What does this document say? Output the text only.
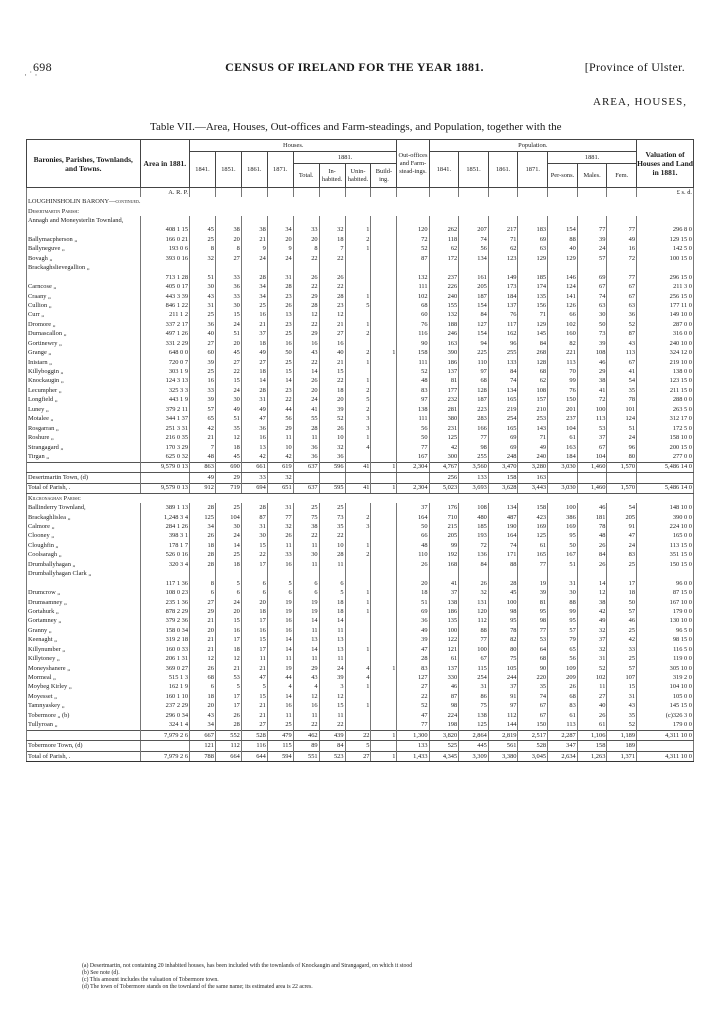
698	CENSUS OF IRELAND FOR THE YEAR 1881.	[Province of Ulster.
· ˙ ·
AREA, HOUSES,
Table VII.—Area, Houses, Out-offices and Farm-steadings, and Population, together with the
Baronies, Parishes, Townlands, and Towns.	Area in 1881.	Houses.								Out-offices and Farm-stead-ings.	Population.							Valuation of Houses and Land in 1881.
		1841.	1851.	1861.	1871.	1881.					1841.	1851.	1861.	1871.	1881.			
						Total.	In-habited.	Unin-habited.	Build-ing.						Per-sons.	Males.	Fem.	
	A. R. P.																	£ s. d.
LOUGHINSHOLIN BARONY—continued.																		
Desertmartin Parish:																		
Annagh and Moneysterlin Townland,																		
	408 1 15	45	38	38	34	33	32	1		120	262	207	217	183	154	77	77	296 8 0
Ballymacpherson „	166 0 21	25	20	21	20	20	18	2		72	118	74	71	69	88	39	49	129 15 0
Ballyneguve „	193 0 6	8	8	9	9	8	7	1		52	62	56	62	63	40	24	16	142 5 0
Bovagh „	393 0 16	32	27	24	24	22	22			87	172	134	123	129	129	57	72	100 15 0
Brackaghslievegallion „																		
	713 1 28	51	33	28	31	26	26			132	237	161	149	185	146	69	77	296 15 0
Carncose „	405 0 17	30	36	34	28	22	22			111	226	205	173	174	124	67	67	211 3 0
Craany „	443 3 39	43	33	34	23	29	28	1		102	240	187	184	135	141	74	67	256 15 0
Cullion „	846 1 22	31	30	25	26	28	23	5		68	155	154	137	156	126	63	63	177 11 0
Curr „	211 1 2	25	15	16	13	12	12			60	132	84	76	71	66	30	36	149 10 0
Dromore „	337 2 17	36	24	21	23	22	21	1		76	188	127	117	129	102	50	52	287 0 0
Durnascallon „	497 1 26	40	51	37	25	29	27	2		116	246	154	162	145	160	73	87	316 0 0
Gortinewry „	331 2 29	27	20	18	16	16	16			90	163	94	96	84	82	39	43	240 10 0
Grange „	648 0 0	60	45	49	50	43	40	2	1	158	390	225	255	268	221	108	113	324 12 0
Inistarn „	720 0 7	39	27	27	25	22	21	1		111	186	110	133	128	113	46	67	219 10 0
Killyboggin „	303 1 9	25	22	18	15	14	15			52	137	97	84	68	70	29	41	138 0 0
Knockaugin „	124 3 13	16	15	14	14	26	22	1		48	81	68	74	62	99	38	54	123 15 0
Lecumpher „	325 3 3	33	24	28	23	20	18	2		83	177	128	134	108	76	41	35	211 15 0
Longfield „	443 1 9	39	30	31	22	24	20	5		97	232	187	165	157	150	72	78	288 0 0
Luney „	379 2 11	57	49	49	44	41	39	2		138	281	223	219	210	201	100	101	263 5 0
Motalee „	344 1 37	65	51	47	56	55	52	3		111	380	283	254	253	237	113	124	312 17 0
Rosgarran „	251 3 31	42	35	36	29	28	26	3		56	231	166	165	143	104	53	51	172 5 0
Roshure „	216 0 35	21	12	16	11	11	10	1		50	125	77	69	71	61	37	24	158 10 0
Strangagard „	170 3 29	7	18	13	10	36	32	4		77	42	98	69	49	163	67	96	200 15 0
Tirgan „	625 0 32	48	45	42	42	36	36			167	300	255	248	240	184	104	80	277 0 0
	9,579 0 13	863	690	661	619	637	596	41	1	2,304	4,767	3,560	3,470	3,280	3,030	1,460	1,570	5,486 14 0
Desertmartin Town, (d)		49	29	33	32						256	133	158	163				
Total of Parish, .	9,579 0 13	912	719	694	651	637	595	41	1	2,304	5,023	3,693	3,628	3,443	3,030	1,460	1,570	5,486 14 0
Kilcronaghan Parish:																		
Ballinderry Townland,	389 1 13	28	25	28	31	25	25			37	176	108	134	158	100	46	54	148 10 0
Brackaghlislea „	1,248 3 4	125	104	87	77	75	73	2		164	710	480	487	423	386	181	205	390 0 0
Calmore „	284 1 26	34	30	31	32	38	35	3		50	215	185	190	169	169	78	91	224 10 0
Clooney „	398 3 1	26	24	30	26	22	22			66	205	193	164	125	95	48	47	165 0 0
Cloughfin „	178 1 7	18	14	15	11	11	10	1		48	99	72	74	61	50	26	24	113 15 0
Coolsaragh „	526 0 16	28	25	22	33	30	28	2		110	192	136	171	165	167	84	83	351 15 0
Drumballyhagan „	320 3 4	28	18	17	16	11	11			26	168	84	88	77	51	26	25	150 15 0
Drumballyhagan Clark „																		
	117 1 36	8	5	6	5	6	6			20	41	26	28	19	31	14	17	96 0 0
Drumcrow „	108 0 23	6	6	6	6	6	5	1		18	37	32	45	39	30	12	18	87 15 0
Drumsamney „	235 1 36	27	24	20	19	19	18	1		51	138	131	100	81	88	38	50	167 10 0
Gortahurk „	878 2 29	29	20	18	19	19	18	1		69	186	120	98	95	99	42	57	179 0 0
Gortamney „	379 2 36	21	15	17	16	14	14			36	135	112	95	98	95	49	46	130 10 0
Granny „	158 0 34	20	16	16	16	11	11			49	100	88	78	77	57	32	25	96 5 0
Keenaght „	319 2 18	21	17	15	14	13	13			39	122	77	82	53	79	37	42	98 15 0
Killynumber „	160 0 33	21	18	17	14	14	13	1		47	121	100	80	64	65	32	33	116 5 0
Killytoney „	206 1 31	12	12	11	11	11	11			28	61	67	75	68	56	31	25	119 0 0
Moneyshanere „	369 0 27	26	21	21	19	29	24	4	1	83	137	115	105	90	109	52	57	305 10 0
Mormeal „	515 1 3	68	53	47	44	43	39	4		127	330	254	244	220	209	102	107	319 2 0
Moybeg Kirley „	162 1 9	6	5	5	4	4	3	1		27	46	31	37	35	26	11	15	104 10 0
Moyesset „	160 1 10	18	17	15	14	12	12			22	87	86	91	74	68	27	31	105 0 0
Tamnyaskey „	237 2 29	20	17	21	16	16	15	1		52	98	75	97	67	83	40	43	145 15 0
Tobermore „ (b)	296 0 34	43	26	21	11	11	11			47	224	138	112	67	61	26	35	(c)326 3 0
Tullyroan „	324 1 4	34	28	27	25	22	22			77	198	125	144	150	113	61	52	179 0 0
	7,979 2 6	667	552	528	479	462	439	22	1	1,300	3,820	2,864	2,819	2,517	2,287	1,106	1,189	4,311 10 0
Tobermore Town, (d)		121	112	116	115	89	84	5		133	525	445	561	528	347	158	189	
Total of Parish, .	7,979 2 6	788	664	644	594	551	523	27	1	1,433	4,345	3,309	3,380	3,045	2,634	1,263	1,371	4,311 10 0
(a) Desertmartin, not containing 20 inhabited houses, has been included with the townlands of Knockaugin and Strangagard, on which it stood
(b) See note (d).
(c) This amount includes the valuation of Tobermore town.
(d) The town of Tobermore stands on the townland of the same name; its estimated area is 22 acres.
